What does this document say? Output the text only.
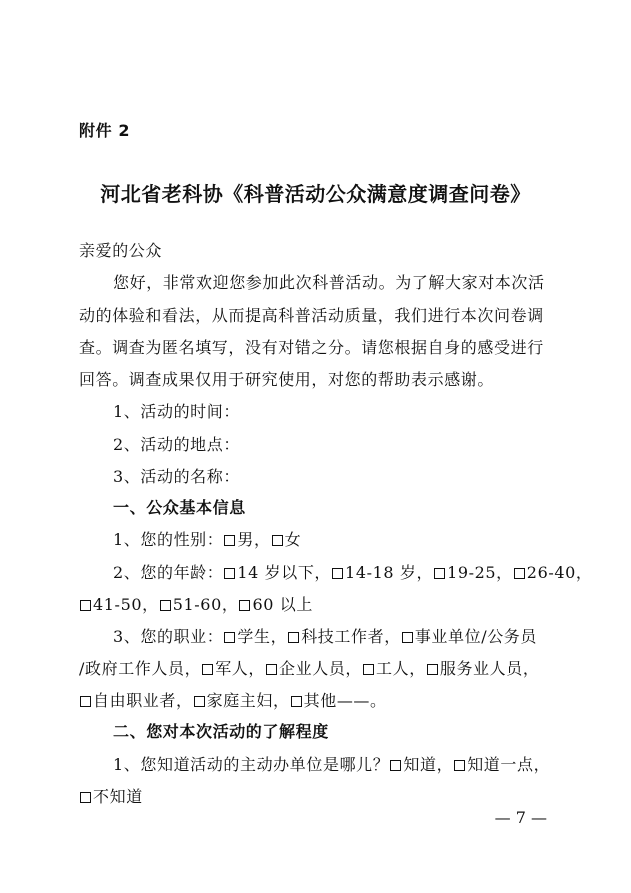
附件 2
河北省老科协《科普活动公众满意度调查问卷》
亲爱的公众
您好，非常欢迎您参加此次科普活动。为了解大家对本次活
动的体验和看法，从而提高科普活动质量，我们进行本次问卷调
查。调查为匿名填写，没有对错之分。请您根据自身的感受进行
回答。调查成果仅用于研究使用，对您的帮助表示感谢。
1、活动的时间：
2、活动的地点：
3、活动的名称：
一、公众基本信息
1、您的性别： 男， 女
2、您的年龄： 14 岁以下， 14-18 岁， 19-25， 26-40，
41-50， 51-60， 60 以上
3、您的职业： 学生， 科技工作者， 事业单位/公务员
/政府工作人员， 军人， 企业人员， 工人， 服务业人员，
自由职业者， 家庭主妇， 其他——。
二、您对本次活动的了解程度
1、您知道活动的主动办单位是哪儿？ 知道， 知道一点，
不知道
— 7 —
